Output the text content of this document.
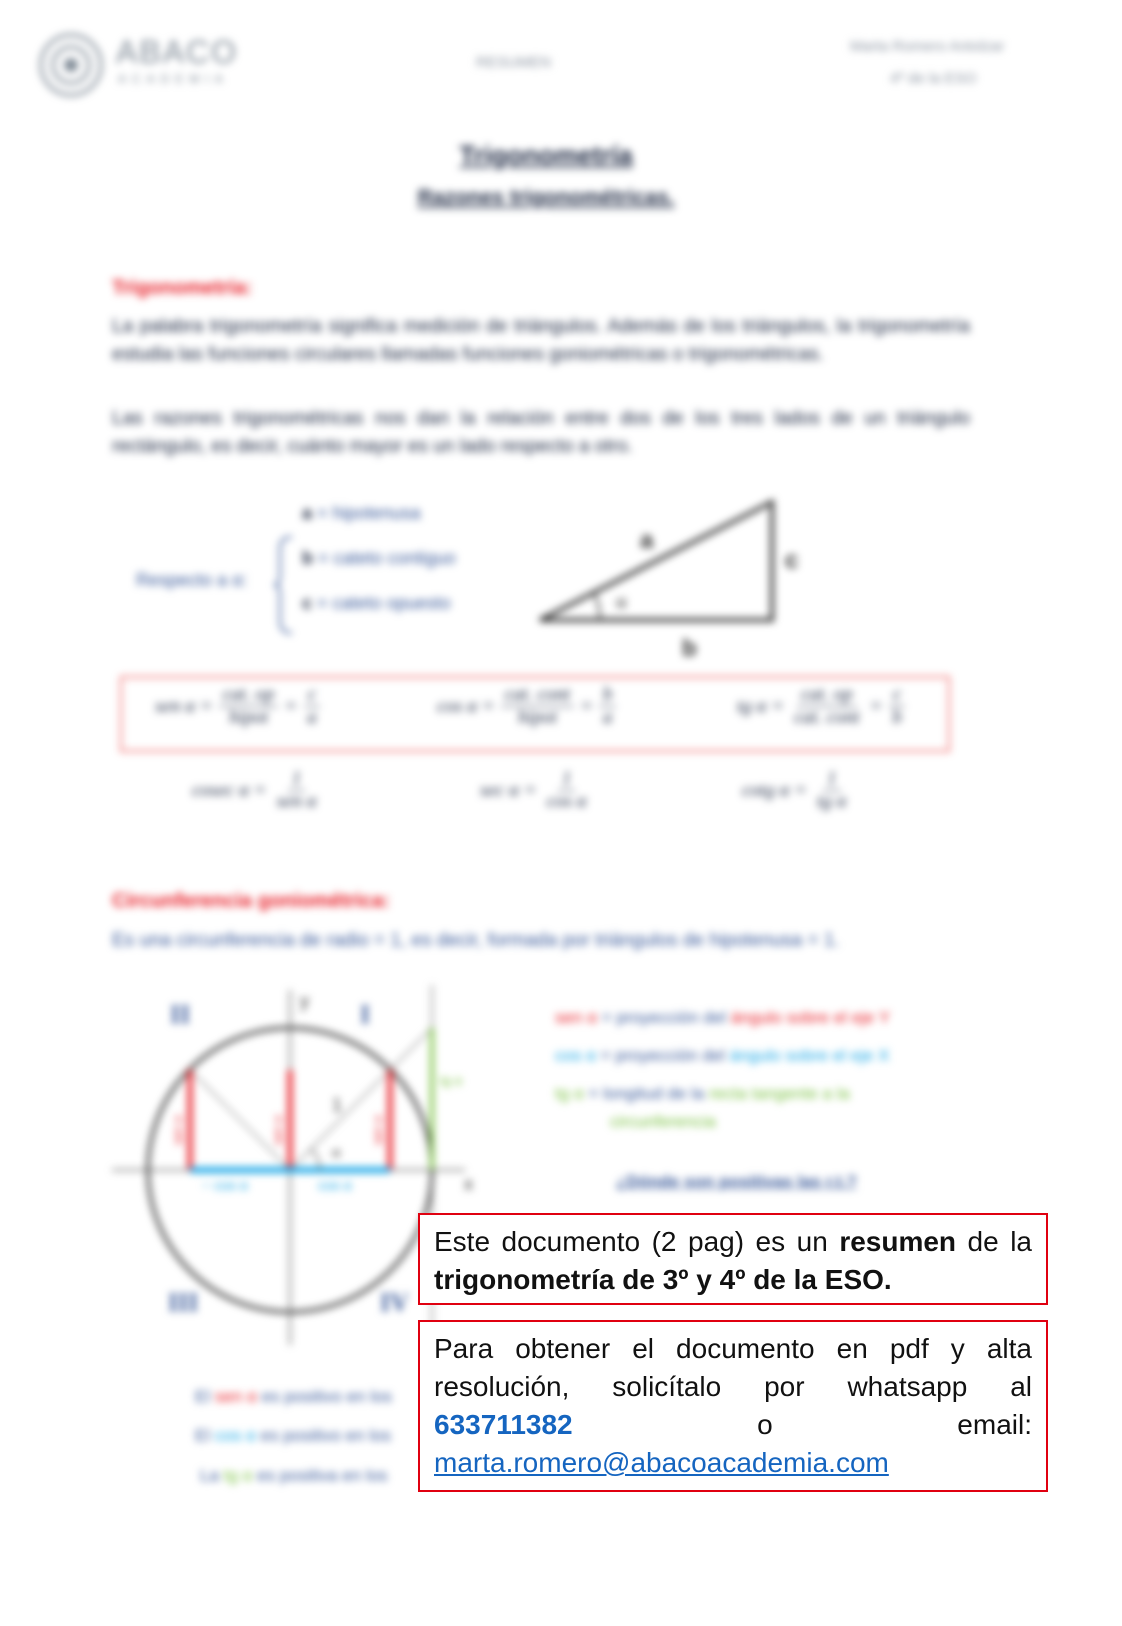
ABACO
ACADEMIA
RESUMEN
Marta Romero Antolzar
4º de la ESO
Trigonometría
Razones trigonométricas.
Trigonometría:
La palabra trigonometría significa medición de triángulos. Además de los triángulos, la trigonometría estudia las funciones circulares llamadas funciones goniométricas o trigonométricas.
Las razones trigonométricas nos dan la relación entre dos de los tres lados de un triángulo rectángulo, es decir, cuánto mayor es un lado respecto a otro.
Respecto a α:
a = hipotenusa
b = cateto contiguo
c = cateto opuesto
a
c
b
α
sen $\alpha = \frac{\text{cat. op}}{\text{hipot}} = \frac{c}{a}$	$\cos \alpha = \frac{\text{cat. cont}}{\text{hipot}} = \frac{b}{a}$	tg $\alpha = \frac{\text{cat. op}}{\text{cat. cont}} = \frac{c}{b}$
cosec $\alpha = \frac{1}{\text{sen α}}$	$\sec \alpha = \frac{1}{\text{cos α}}$	cotg $\alpha = \frac{1}{\text{tg α}}$
Circunferencia goniométrica:
Es una circunferencia de radio = 1, es decir, formada por triángulos de hipotenusa = 1.
II	I
III	IV
y
x
1
α
tg α
cos α
− cos α
sen α	sen α	sen α
sen α = proyección del ángulo sobre el eje Y
cos α = proyección del ángulo sobre el eje X
tg α = longitud de la recta tangente a la
circunferencia
¿Dónde son positivas las r.t.?
El sen α es positivo en los
El cos α es positivo en los
La tg α es positiva en los
Este documento (2 pag) es un resumen de la trigonometría de 3º y 4º de la ESO.
Para obtener el documento en pdf y alta resolución, solicítalo por whatsapp al 633711382 o email: marta.romero@abacoacademia.com
